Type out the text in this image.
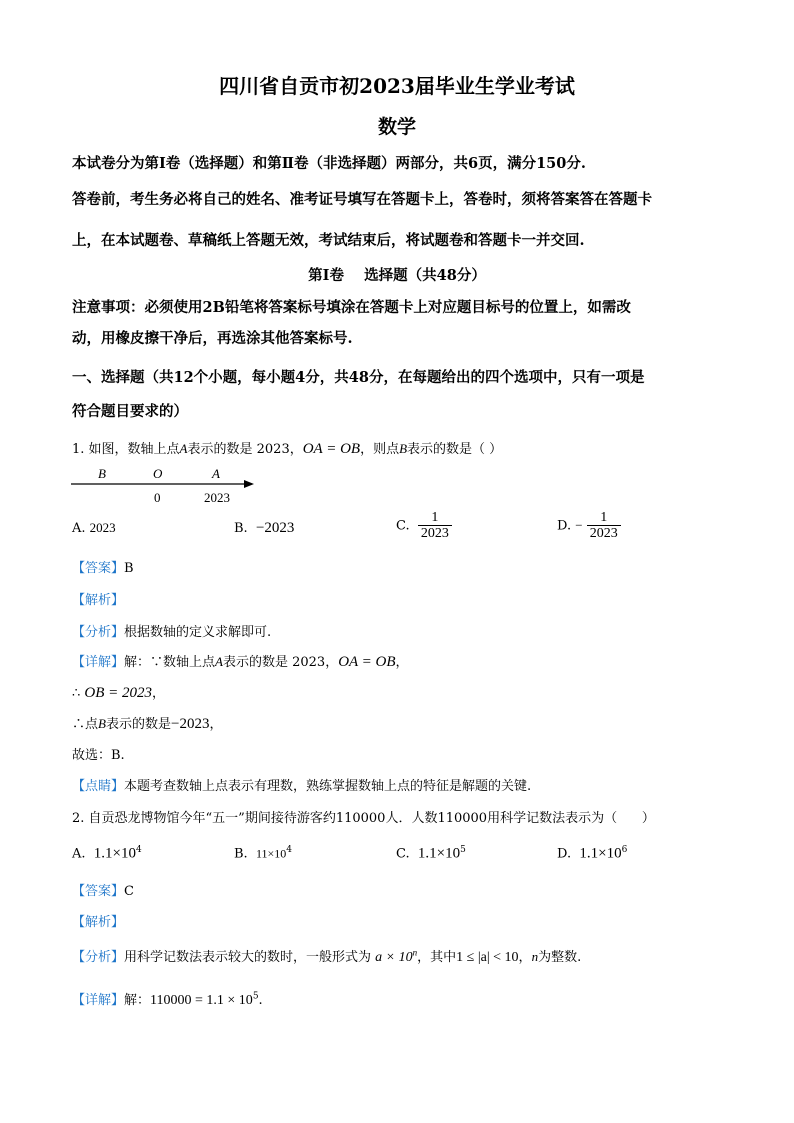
四川省自贡市初2023届毕业生学业考试
数学
本试卷分为第Ⅰ卷（选择题）和第Ⅱ卷（非选择题）两部分，共6页，满分150分.
答卷前，考生务必将自己的姓名、准考证号填写在答题卡上，答卷时，须将答案答在答题卡
上，在本试题卷、草稿纸上答题无效，考试结束后，将试题卷和答题卡一并交回.
第Ⅰ卷    选择题（共48分）
注意事项：必须使用2B铅笔将答案标号填涂在答题卡上对应题目标号的位置上，如需改
动，用橡皮擦干净后，再选涂其他答案标号.
一、选择题（共12个小题，每小题4分，共48分，在每题给出的四个选项中，只有一项是
符合题目要求的）
1. 如图，数轴上点A表示的数是 2023，OA = OB，则点B表示的数是（ ）
B	O	A
0	2023
A. 2023	B. −2023	C. $\frac{1}{2023}$	D. − $\frac{1}{2023}$
【答案】B
【解析】
【分析】根据数轴的定义求解即可.
【详解】解：∵数轴上点A表示的数是 2023，OA = OB，
∴ OB = 2023，
∴点B表示的数是−2023，
故选：B.
【点睛】本题考查数轴上点表示有理数，熟练掌握数轴上点的特征是解题的关键.
2. 自贡恐龙博物馆今年“五一”期间接待游客约110000人．人数110000用科学记数法表示为（      ）
A. $1.1\times 10^4$	B. $11\times 10^4$	C. $1.1\times 10^5$	D. $1.1\times 10^6$
【答案】C
【解析】
【分析】用科学记数法表示较大的数时，一般形式为 $a \times 10^n$，其中1 ≤ |a| < 10，n为整数.
【详解】解：$110000 = 1.1 \times 10^5$.
